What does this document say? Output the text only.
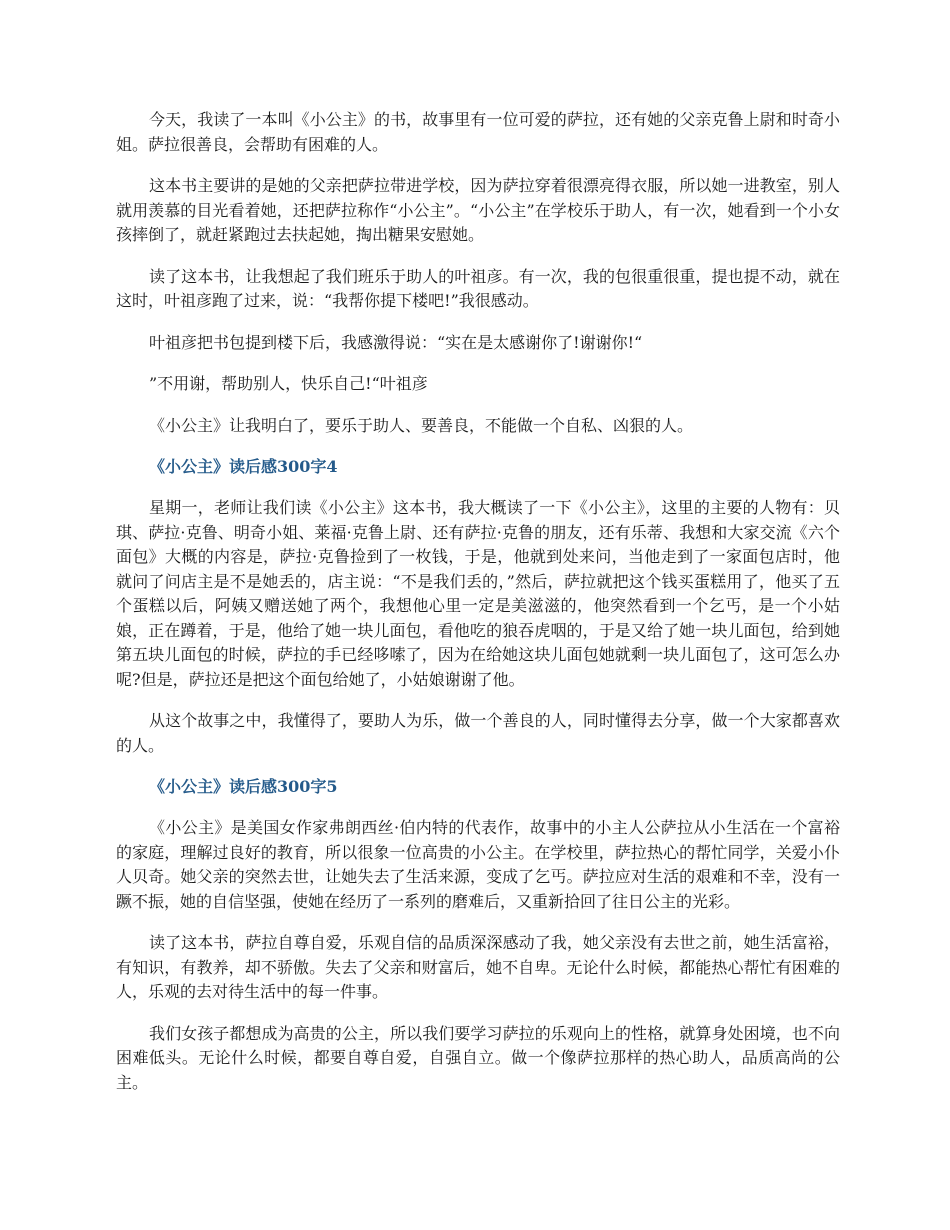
今天，我读了一本叫《小公主》的书，故事里有一位可爱的萨拉，还有她的父亲克鲁上尉和时奇小姐。萨拉很善良，会帮助有困难的人。

这本书主要讲的是她的父亲把萨拉带进学校，因为萨拉穿着很漂亮得衣服，所以她一进教室，别人就用羡慕的目光看着她，还把萨拉称作“小公主”。“小公主”在学校乐于助人，有一次，她看到一个小女孩摔倒了，就赶紧跑过去扶起她，掏出糖果安慰她。

读了这本书，让我想起了我们班乐于助人的叶祖彦。有一次，我的包很重很重，提也提不动，就在这时，叶祖彦跑了过来，说：“我帮你提下楼吧!”我很感动。

叶祖彦把书包提到楼下后，我感激得说：“实在是太感谢你了!谢谢你!“

”不用谢，帮助别人，快乐自己!“叶祖彦

《小公主》让我明白了，要乐于助人、要善良，不能做一个自私、凶狠的人。

《小公主》读后感300字4

星期一，老师让我们读《小公主》这本书，我大概读了一下《小公主》，这里的主要的人物有：贝琪、萨拉·克鲁、明奇小姐、莱福·克鲁上尉、还有萨拉·克鲁的朋友，还有乐蒂、我想和大家交流《六个面包》大概的内容是，萨拉·克鲁捡到了一枚钱，于是，他就到处来问，当他走到了一家面包店时，他就问了问店主是不是她丢的，店主说：“不是我们丢的，”然后，萨拉就把这个钱买蛋糕用了，他买了五个蛋糕以后，阿姨又赠送她了两个，我想他心里一定是美滋滋的，他突然看到一个乞丐，是一个小姑娘，正在蹲着，于是，他给了她一块儿面包，看他吃的狼吞虎咽的，于是又给了她一块儿面包，给到她第五块儿面包的时候，萨拉的手已经哆嗦了，因为在给她这块儿面包她就剩一块儿面包了，这可怎么办呢?但是，萨拉还是把这个面包给她了，小姑娘谢谢了他。

从这个故事之中，我懂得了，要助人为乐，做一个善良的人，同时懂得去分享，做一个大家都喜欢的人。

《小公主》读后感300字5

《小公主》是美国女作家弗朗西丝·伯内特的代表作，故事中的小主人公萨拉从小生活在一个富裕的家庭，理解过良好的教育，所以很象一位高贵的小公主。在学校里，萨拉热心的帮忙同学，关爱小仆人贝奇。她父亲的突然去世，让她失去了生活来源，变成了乞丐。萨拉应对生活的艰难和不幸，没有一蹶不振，她的自信坚强，使她在经历了一系列的磨难后，又重新拾回了往日公主的光彩。

读了这本书，萨拉自尊自爱，乐观自信的品质深深感动了我，她父亲没有去世之前，她生活富裕，有知识，有教养，却不骄傲。失去了父亲和财富后，她不自卑。无论什么时候，都能热心帮忙有困难的人，乐观的去对待生活中的每一件事。

我们女孩子都想成为高贵的公主，所以我们要学习萨拉的乐观向上的性格，就算身处困境，也不向困难低头。无论什么时候，都要自尊自爱，自强自立。做一个像萨拉那样的热心助人，品质高尚的公主。
